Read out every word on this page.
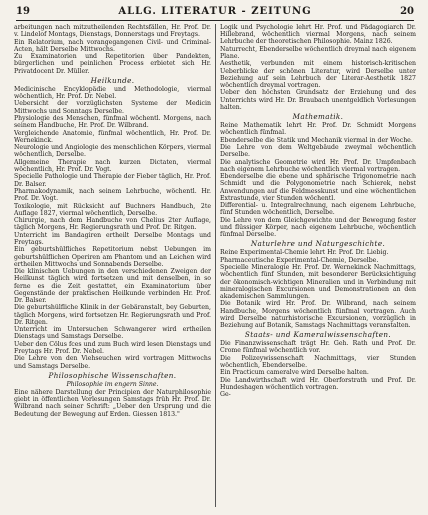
19	ALLG. LITERATUR - ZEITUNG	20

arbeitungen nach mitzutheilenden Rechtsfällen, Hr. Prof. Dr. v. Lindelof Montags, Dienstags, Donnerstags und Freytags.

Ein Relatorium, nach vorangegangenen Civil- und Criminal-Acten, hält Derselbe Mittwochs.

Zu Examinatorien und Repetitorien über Pandekten, bürgerlichen und peinlichen Process erbietet sich Hr. Privatdocent Dr. Müller.

Heilkunde.

Medicinische Encyklopädie und Methodologie, viermal wöchentlich, Hr. Prof. Dr. Nebel.

Uebersicht der vorzüglichsten Systeme der Medicin Mittwochs und Sonntags Derselbe.

Physiologie des Menschen, fünfmal wöchentl. Morgens, nach seinem Handbuche, Hr. Prof. Dr. Wilbrand.

Vergleichende Anatomie, fünfmal wöchentlich, Hr. Prof. Dr. Wernekinck.

Neurologie und Angiologie des menschlichen Körpers, viermal wöchentlich, Derselbe.

Allgemeine Therapie nach kurzen Dictaten, viermal wöchentlich, Hr. Prof. Dr. Vogt.

Specielle Pathologie und Therapie der Fieber täglich, Hr. Prof. Dr. Balser.

Pharmakodynamik, nach seinem Lehrbuche, wöchentl. Hr. Prof. Dr. Vogt.

Toxikologie, mit Rücksicht auf Buchners Handbuch, 2te Auflage 1827, viermal wöchentlich, Derselbe.

Chirurgie, nach dem Handbuche von Chelius 2ter Auflage, täglich Morgens, Hr. Regierungsrath und Prof. Dr. Ritgen.

Unterricht im Bandagiren ertheilt Derselbe Montags und Freytags.

Ein geburtshülfliches Repetitorium nebst Uebungen im geburtshülflichen Operiren am Phantom und an Leichen wird ertheilen Mittwochs und Sonnabends Derselbe.

Die klinischen Uebungen in den verschiedenen Zweigen der Heilkunst täglich wird fortsetzen und mit denselben, in so ferne es die Zeit gestattet, ein Examinatorium über Gegenstände der praktischen Heilkunde verbinden Hr. Prof. Dr. Balser.

Die geburtshülfliche Klinik in der Gebäranstalt, bey Geburten, täglich Morgens, wird fortsetzen Hr. Regierungsrath und Prof. Dr. Ritgen.

Unterricht im Untersuchen Schwangerer wird ertheilen Dienstags und Samstags Derselbe.

Ueber den Cölus fces und zum Buch wird lesen Dienstags und Freytags Hr. Prof. Dr. Nebel.

Die Lehre von den Viehseuchen wird vortragen Mittwochs und Samstags Derselbe.

Philosophische Wissenschaften.
Philosophie im engern Sinne.

Eine nähere Darstellung der Principien der Naturphilosophie giebt in öffentlichen Vorlesungen Samstags früh Hr. Prof. Dr. Wilbrand nach seiner Schrift: „Ueber den Ursprung und die Bedeutung der Bewegung auf Erden. Giessen 1813."

Logik und Psychologie lehrt Hr. Prof. und Pädagogiarch Dr. Hillebrand, wöchentlich viermal Morgens, nach seinem Lehrbuche der theoretischen Philosophie. Mainz 1826.

Naturrecht, Ebenderselbe wöchentlich dreymal nach eigenem Plane.

Aesthetik, verbunden mit einem historisch-kritischen Ueberblicke der schönen Literatur, wird Derselbe unter Beziehung auf sein Lehrbuch der Literar-Aesthetik 1827 wöchentlich dreymal vortragen.

Ueber den höchsten Grundsatz der Erziehung und des Unterrichts wird Hr. Dr. Braubach unentgeldlich Vorlesungen halten.

Mathematik.

Reine Mathematik lehrt Hr. Prof. Dr. Schmidt Morgens wöchentlich fünfmal.

Ebenderselbe die Statik und Mechanik viermal in der Woche.

Die Lehre von dem Weltgebäude zweymal wöchentlich Derselbe.

Die analytische Geometrie wird Hr. Prof. Dr. Umpfenbach nach eigenem Lehrbuche wöchentlich viermal vortragen.

Ebenderselbe die ebene und sphärische Trigonometrie nach Schmidt und die Polygonometrie nach Schierek, nebst Anwendungen auf die Feldmesskunst und eine wöchentlichen Extrastunde, vier Stunden wöchentl.

Differential- u. Integralrechnung, nach eigenem Lehrbuche, fünf Stunden wöchentlich, Derselbe.

Die Lehre von dem Gleichgewichte und der Bewegung fester und flüssiger Körper, nach eigenem Lehrbuche, wöchentlich fünfmal Derselbe.

Naturlehre und Naturgeschichte.

Reine Experimental-Chemie lehrt Hr. Prof. Dr. Liebig.

Pharmaceutische Experimental-Chemie, Derselbe.

Specielle Mineralogie Hr. Prof. Dr. Wernekinck Nachmittags, wöchentlich fünf Stunden, mit besonderer Berücksichtigung der ökonomisch-wichtigen Mineralien und in Verbindung mit mineralogischen Excursionen und Demonstrationen an den akademischen Sammlungen.

Die Botanik wird Hr. Prof. Dr. Wilbrand, nach seinem Handbuche, Morgens wöchentlich fünfmal vortragen. Auch wird Derselbe naturhistorische Excursionen, vorzüglich in Beziehung auf Botanik, Samstags Nachmittags veranstalten.

Staats- und Kameralwissenschaften.

Die Finanzwissenschaft trägt Hr. Geh. Rath und Prof. Dr. Crome fünfmal wöchentlich vor.

Die Polizeywissenschaft Nachmittags, vier Stunden wöchentlich, Ebenderselbe.

Ein Practicum cameralve wird Derselbe halten.

Die Landwirthschaft wird Hr. Oberforstrath und Prof. Dr. Hundeshagen wöchentlich vortragen.

Ge-
